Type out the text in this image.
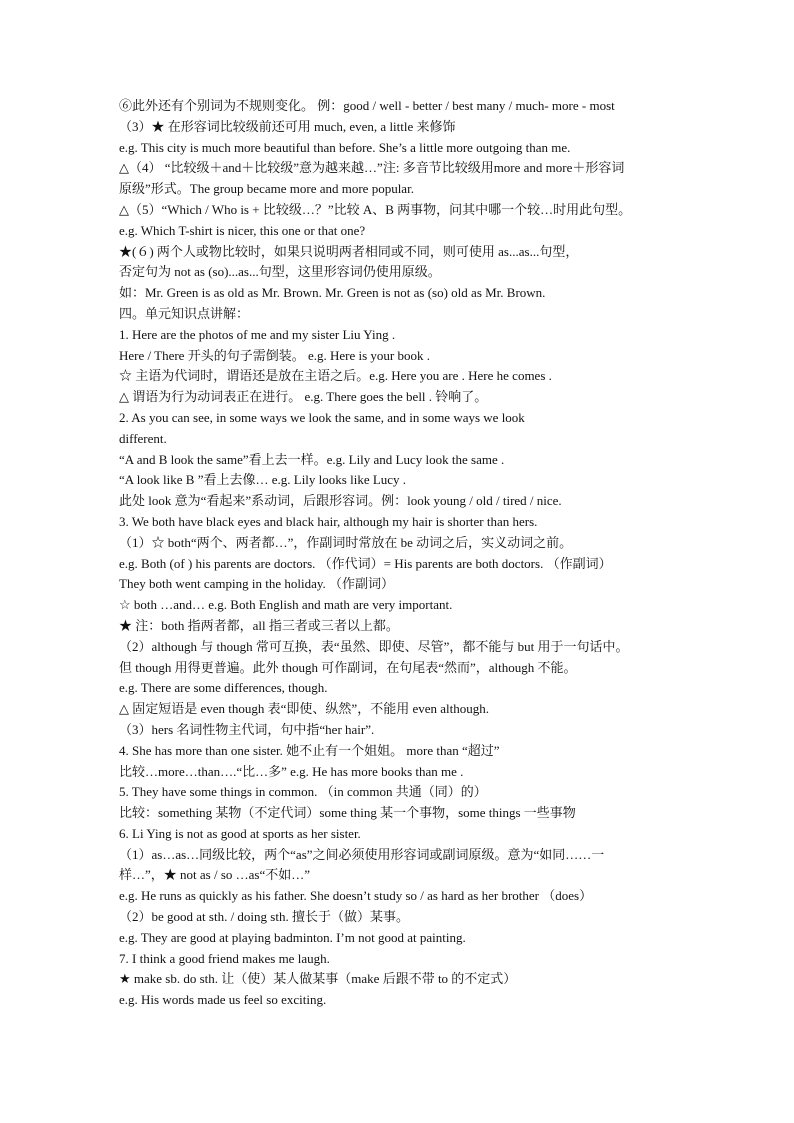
⑥此外还有个别词为不规则变化。 例：good / well - better / best many / much- more - most
（3）★ 在形容词比较级前还可用 much, even, a little 来修饰
e.g. This city is much more beautiful than before. She’s a little more outgoing than me.
△（4） “比较级＋and＋比较级”意为越来越…”注: 多音节比较级用more and more＋形容词
原级”形式。The group became more and more popular.
△（5）“Which / Who is + 比较级…？”比较 A、B 两事物，问其中哪一个较…时用此句型。
e.g. Which T-shirt is nicer, this one or that one?
★(６) 两个人或物比较时，如果只说明两者相同或不同，则可使用 as...as...句型，
否定句为 not as (so)...as...句型，这里形容词仍使用原级。
如：Mr. Green is as old as Mr. Brown. Mr. Green is not as (so) old as Mr. Brown.
四。单元知识点讲解：
1. Here are the photos of me and my sister Liu Ying .
Here / There 开头的句子需倒装。 e.g. Here is your book .
☆ 主语为代词时，谓语还是放在主语之后。e.g. Here you are . Here he comes .
△ 谓语为行为动词表正在进行。 e.g. There goes the bell . 铃响了。
2. As you can see, in some ways we look the same, and in some ways we look
different.
“A and B look the same”看上去一样。e.g. Lily and Lucy look the same .
“A look like B ”看上去像… e.g. Lily looks like Lucy .
此处 look 意为“看起来”系动词，后跟形容词。例：look young / old / tired / nice.
3. We both have black eyes and black hair, although my hair is shorter than hers.
（1）☆ both“两个、两者都…”，作副词时常放在 be 动词之后，实义动词之前。
e.g. Both (of ) his parents are doctors. （作代词）= His parents are both doctors. （作副词）
They both went camping in the holiday. （作副词）
☆ both …and… e.g. Both English and math are very important.
★ 注：both 指两者都，all 指三者或三者以上都。
（2）although 与 though 常可互换，表“虽然、即使、尽管”，都不能与 but 用于一句话中。
但 though 用得更普遍。此外 though 可作副词，在句尾表“然而”，although 不能。
e.g. There are some differences, though.
△ 固定短语是 even though 表“即使、纵然”，不能用 even although.
（3）hers 名词性物主代词，句中指“her hair”.
4. She has more than one sister. 她不止有一个姐姐。 more than “超过”
比较…more…than….“比…多” e.g. He has more books than me .
5. They have some things in common. （in common 共通（同）的）
比较：something 某物（不定代词）some thing 某一个事物，some things 一些事物
6. Li Ying is not as good at sports as her sister.
（1）as…as…同级比较，两个“as”之间必须使用形容词或副词原级。意为“如同……一
样…”，★ not as / so …as“不如…”
e.g. He runs as quickly as his father. She doesn’t study so / as hard as her brother （does）
（2）be good at sth. / doing sth. 擅长于（做）某事。
e.g. They are good at playing badminton. I’m not good at painting.
7. I think a good friend makes me laugh.
★ make sb. do sth. 让（使）某人做某事（make 后跟不带 to 的不定式）
e.g. His words made us feel so exciting.
